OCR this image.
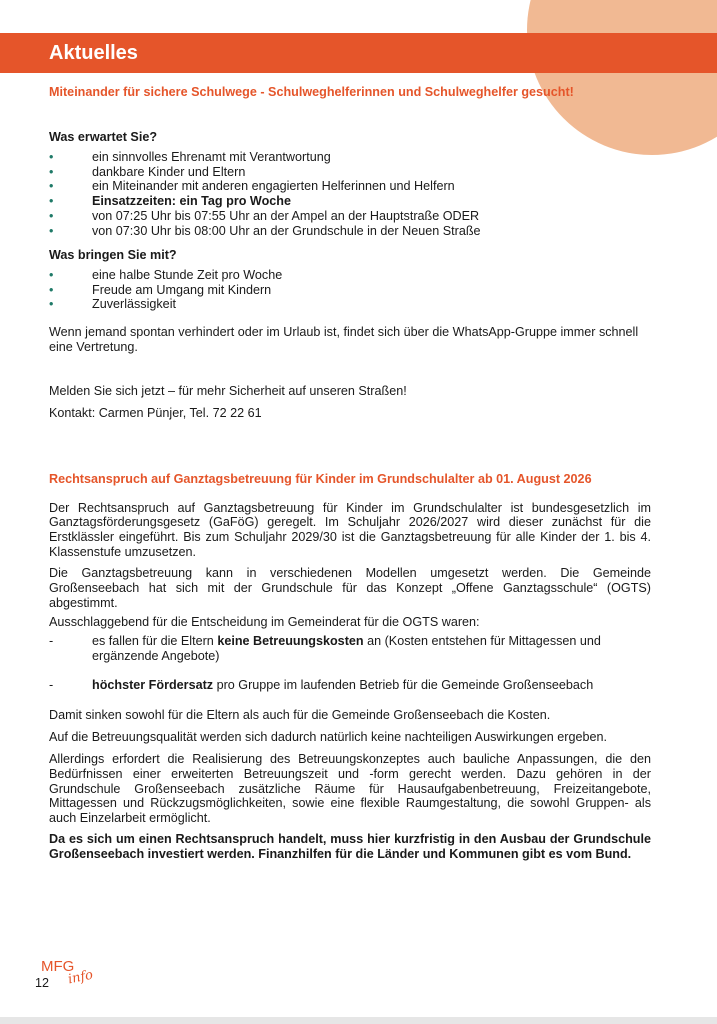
Aktuelles
Miteinander für sichere Schulwege - Schulweghelferinnen und Schulweghelfer gesucht!
Was erwartet Sie?
•	ein sinnvolles Ehrenamt mit Verantwortung
•	dankbare Kinder und Eltern
•	ein Miteinander mit anderen engagierten Helferinnen und Helfern
•	Einsatzzeiten: ein Tag pro Woche
•	von 07:25 Uhr bis 07:55 Uhr an der Ampel an der Hauptstraße ODER
•	von 07:30 Uhr bis 08:00 Uhr an der Grundschule in der Neuen Straße
Was bringen Sie mit?
•	eine halbe Stunde Zeit pro Woche
•	Freude am Umgang mit Kindern
•	Zuverlässigkeit

Wenn jemand spontan verhindert oder im Urlaub ist, findet sich über die WhatsApp-Gruppe immer schnell eine Vertretung.

Melden Sie sich jetzt – für mehr Sicherheit auf unseren Straßen!

Kontakt: Carmen Pünjer, Tel. 72 22 61

Rechtsanspruch auf Ganztagsbetreuung für Kinder im Grundschulalter ab 01. August 2026

Der Rechtsanspruch auf Ganztagsbetreuung für Kinder im Grundschulalter ist bundesgesetzlich im Ganztagsförderungsgesetz (GaFöG) geregelt. Im Schuljahr 2026/2027 wird dieser zunächst für die Erstklässler eingeführt. Bis zum Schuljahr 2029/30 ist die Ganztagsbetreuung für alle Kinder der 1. bis 4. Klassenstufe umzusetzen.

Die Ganztagsbetreuung kann in verschiedenen Modellen umgesetzt werden. Die Gemeinde Großenseebach hat sich mit der Grundschule für das Konzept „Offene Ganztagsschule“ (OGTS) abgestimmt.

Ausschlaggebend für die Entscheidung im Gemeinderat für die OGTS waren:

-	es fallen für die Eltern keine Betreuungskosten an (Kosten entstehen für Mittagessen und ergänzende Angebote)
-	höchster Fördersatz pro Gruppe im laufenden Betrieb für die Gemeinde Großenseebach

Damit sinken sowohl für die Eltern als auch für die Gemeinde Großenseebach die Kosten.

Auf die Betreuungsqualität werden sich dadurch natürlich keine nachteiligen Auswirkungen ergeben.

Allerdings erfordert die Realisierung des Betreuungskonzeptes auch bauliche Anpassungen, die den Bedürfnissen einer erweiterten Betreuungszeit und -form gerecht werden. Dazu gehören in der Grundschule Großenseebach zusätzliche Räume für Hausaufgabenbetreuung, Freizeitangebote, Mittagessen und Rückzugsmöglichkeiten, sowie eine flexible Raumgestaltung, die sowohl Gruppen- als auch Einzelarbeit ermöglicht.

Da es sich um einen Rechtsanspruch handelt, muss hier kurzfristig in den Ausbau der Grundschule Großenseebach investiert werden. Finanzhilfen für die Länder und Kommunen gibt es vom Bund.

MFG
info
12
